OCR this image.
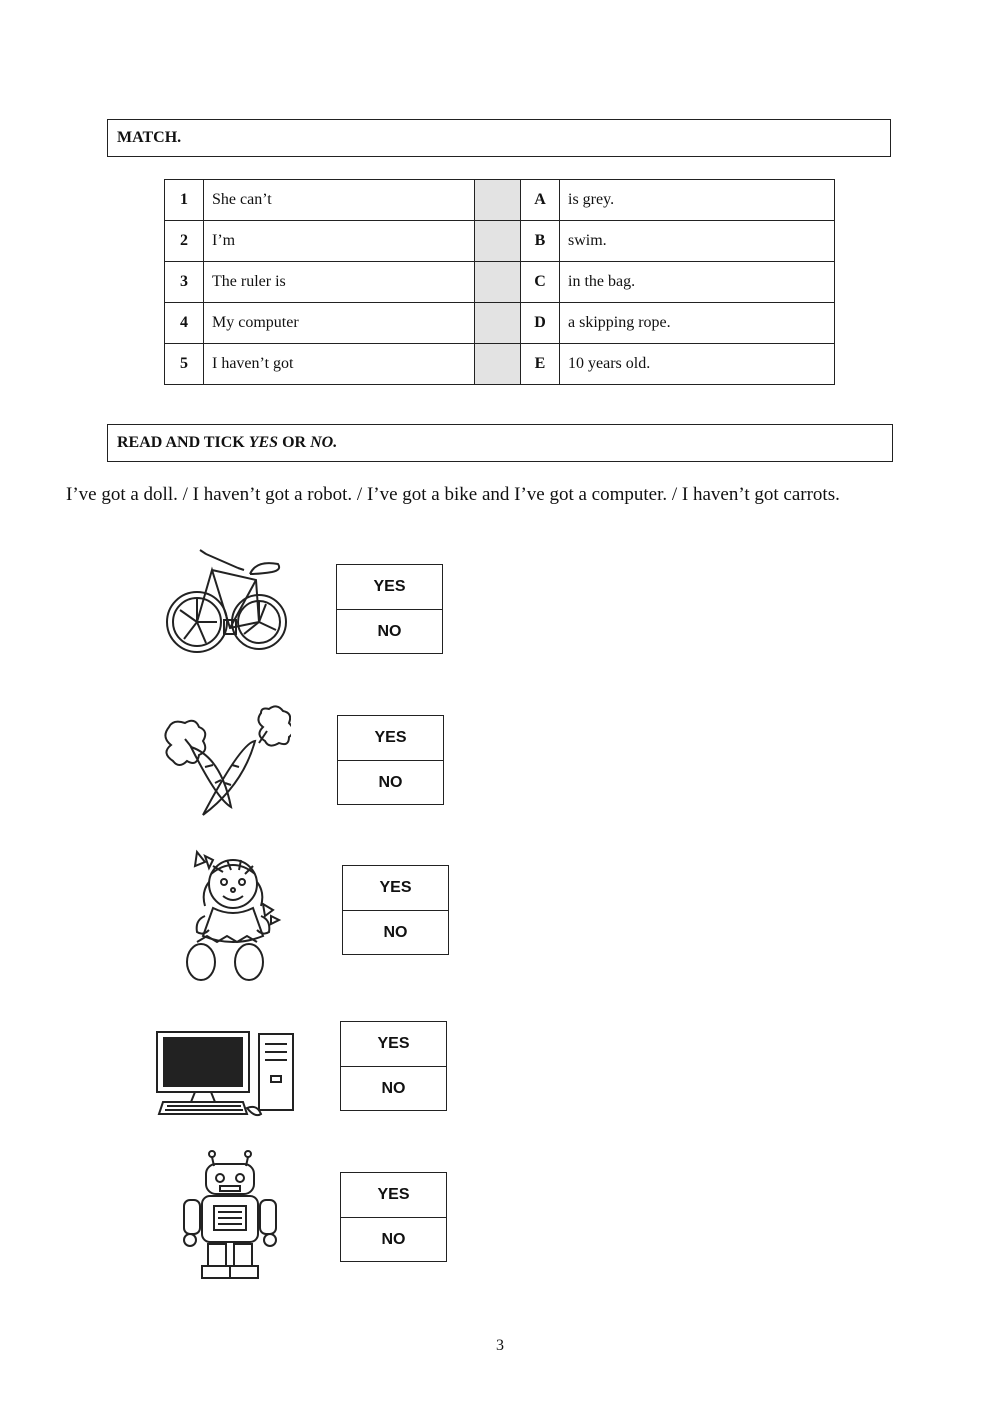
MATCH.
1	She can’t		A	is grey.
2	I’m		B	swim.
3	The ruler is		C	in the bag.
4	My computer		D	a skipping rope.
5	I haven’t got		E	10 years old.
READ AND TICK YES OR NO.
I’ve got a doll. / I haven’t got a robot. / I’ve got a bike and I’ve got a computer. / I haven’t got carrots.
YES
NO
YES
NO
YES
NO
YES
NO
YES
NO
3
